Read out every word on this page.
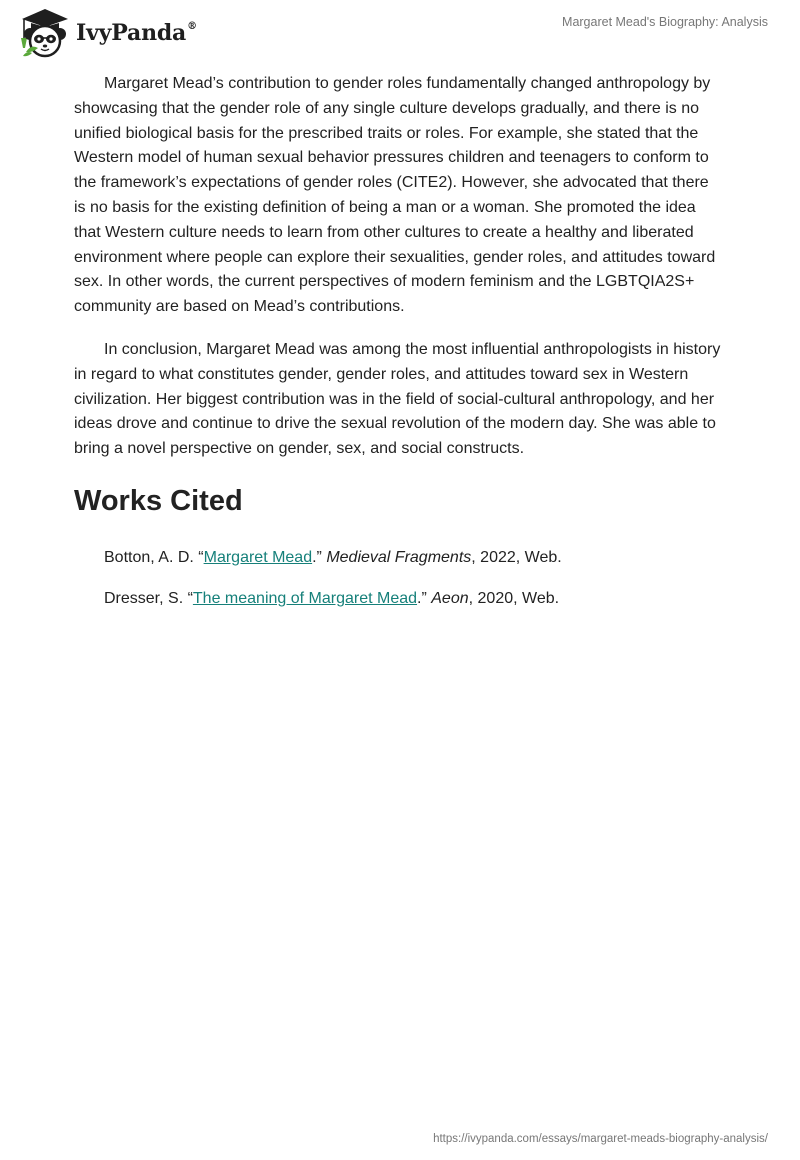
IvyPanda®	Margaret Mead's Biography: Analysis

Margaret Mead’s contribution to gender roles fundamentally changed anthropology by showcasing that the gender role of any single culture develops gradually, and there is no unified biological basis for the prescribed traits or roles. For example, she stated that the Western model of human sexual behavior pressures children and teenagers to conform to the framework’s expectations of gender roles (CITE2). However, she advocated that there is no basis for the existing definition of being a man or a woman. She promoted the idea that Western culture needs to learn from other cultures to create a healthy and liberated environment where people can explore their sexualities, gender roles, and attitudes toward sex. In other words, the current perspectives of modern feminism and the LGBTQIA2S+ community are based on Mead’s contributions.

In conclusion, Margaret Mead was among the most influential anthropologists in history in regard to what constitutes gender, gender roles, and attitudes toward sex in Western civilization. Her biggest contribution was in the field of social-cultural anthropology, and her ideas drove and continue to drive the sexual revolution of the modern day. She was able to bring a novel perspective on gender, sex, and social constructs.

Works Cited

Botton, A. D. “Margaret Mead.” Medieval Fragments, 2022, Web.

Dresser, S. “The meaning of Margaret Mead.” Aeon, 2020, Web.

https://ivypanda.com/essays/margaret-meads-biography-analysis/
